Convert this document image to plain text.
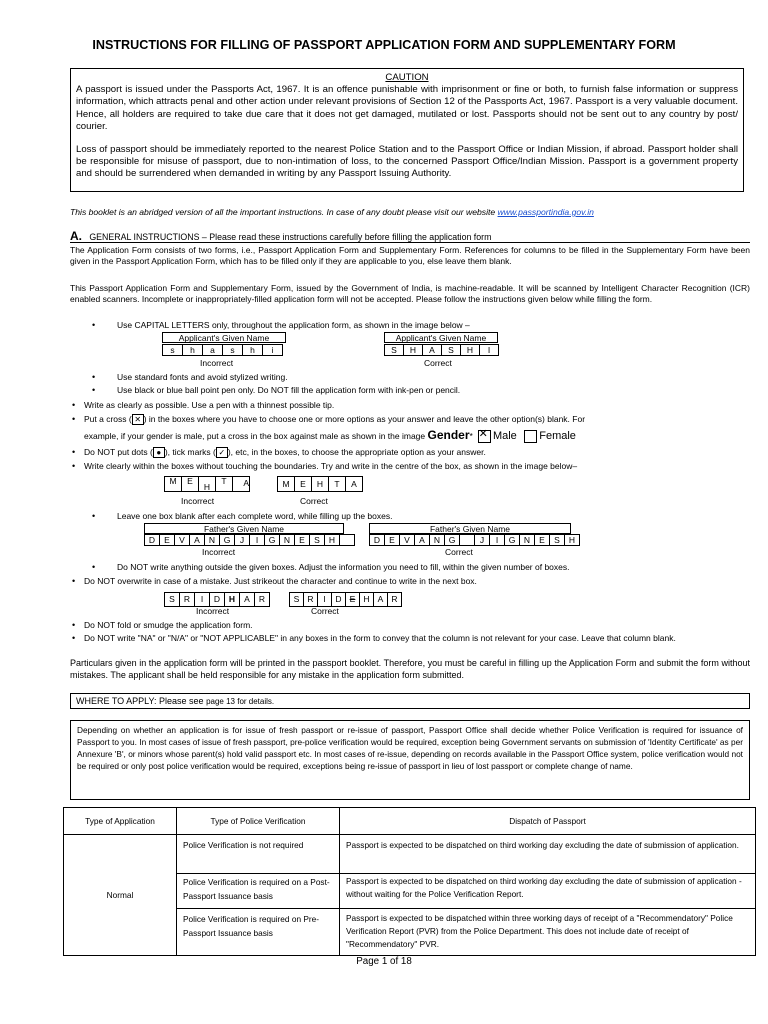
INSTRUCTIONS FOR FILLING OF PASSPORT APPLICATION FORM AND SUPPLEMENTARY FORM
CAUTION

A passport is issued under the Passports Act, 1967. It is an offence punishable with imprisonment or fine or both, to furnish false information or suppress information, which attracts penal and other action under relevant provisions of Section 12 of the Passports Act, 1967. Passport is a very valuable document. Hence, all holders are required to take due care that it does not get damaged, mutilated or lost. Passports should not be sent out to any country by post/ courier.

Loss of passport should be immediately reported to the nearest Police Station and to the Passport Office or Indian Mission, if abroad. Passport holder shall be responsible for misuse of passport, due to non-intimation of loss, to the concerned Passport Office/Indian Mission. Passport is a government property and should be surrendered when demanded in writing by any Passport Issuing Authority.

This booklet is an abridged version of all the important instructions. In case of any doubt please visit our website www.passportindia.gov.in
A. GENERAL INSTRUCTIONS – Please read these instructions carefully before filling the application form
The Application Form consists of two forms, i.e., Passport Application Form and Supplementary Form. References for columns to be filled in the Supplementary Form have been given in the Passport Application Form, which has to be filled only if they are applicable to you, else leave them blank.
This Passport Application Form and Supplementary Form, issued by the Government of India, is machine-readable. It will be scanned by Intelligent Character Recognition (ICR) enabled scanners. Incomplete or inappropriately-filled application form will not be accepted. Please follow the instructions given below while filling the form.
•	Use CAPITAL LETTERS only, throughout the application form, as shown in the image below –
Applicant's Given Name
s	h	a	s	h	i
Incorrect
Applicant's Given Name
S	H	A	S	H	I
Correct
•	Use standard fonts and avoid stylized writing.
•	Use black or blue ball point pen only. Do NOT fill the application form with ink-pen or pencil.
• Write as clearly as possible. Use a pen with a thinnest possible tip.
• Put a cross ( ✕ ) in the boxes where you have to choose one or more options as your answer and leave the other option(s) blank. For
example, if your gender is male, put a cross in the box against male as shown in the image Gender* ✕ Male Female
• Do NOT put dots ( ● ), tick marks ( ✓ ), etc, in the boxes, to choose the appropriate option as your answer.
• Write clearly within the boxes without touching the boundaries. Try and write in the centre of the box, as shown in the image below–
M	E
H
T	A
Incorrect
M	E	H	T	A
Correct
•	Leave one box blank after each complete word, while filling up the boxes.
Father's Given Name
D	E	V	A	N	G	J	I	G	N	E	S	H
Incorrect
Father's Given Name
D	E	V	A	N	G	J	I	G	N	E	S	H
Correct
•	Do NOT write anything outside the given boxes. Adjust the information you need to fill, within the given number of boxes.
• Do NOT overwrite in case of a mistake. Just strikeout the character and continue to write in the next box.
S	R	I	D	H	A	R
Incorrect
S R	I	D E H A R
Correct
• Do NOT fold or smudge the application form.
• Do NOT write "NA" or "N/A" or "NOT APPLICABLE" in any boxes in the form to convey that the column is not relevant for your case. Leave that column blank.
Particulars given in the application form will be printed in the passport booklet. Therefore, you must be careful in filling up the Application Form and submit the form without mistakes. The applicant shall be held responsible for any mistake in the application form submitted.
WHERE TO APPLY: Please see page 13 for details.
Depending on whether an application is for issue of fresh passport or re-issue of passport, Passport Office shall decide whether Police Verification is required for issuance of Passport to you. In most cases of issue of fresh passport, pre-police verification would be required, exception being Government servants on submission of 'Identity Certificate' as per Annexure 'B', or minors whose parent(s) hold valid passport etc. In most cases of re-issue, depending on records available in the Passport Office system, police verification would not be required or only post police verification would be required, exceptions being re-issue of passport in lieu of lost passport or complete change of name.
Type of Application	Type of Police Verification	Dispatch of Passport
Normal	Police Verification is not required	Passport is expected to be dispatched on third working day excluding the date of submission of application.
	Police Verification is required on a Post-Passport Issuance basis	Passport is expected to be dispatched on third working day excluding the date of submission of application - without waiting for the Police Verification Report.
	Police Verification is required on Pre-Passport Issuance basis	Passport is expected to be dispatched within three working days of receipt of a "Recommendatory" Police Verification Report (PVR) from the Police Department. This does not include date of receipt of "Recommendatory" PVR.
Page 1 of 18
